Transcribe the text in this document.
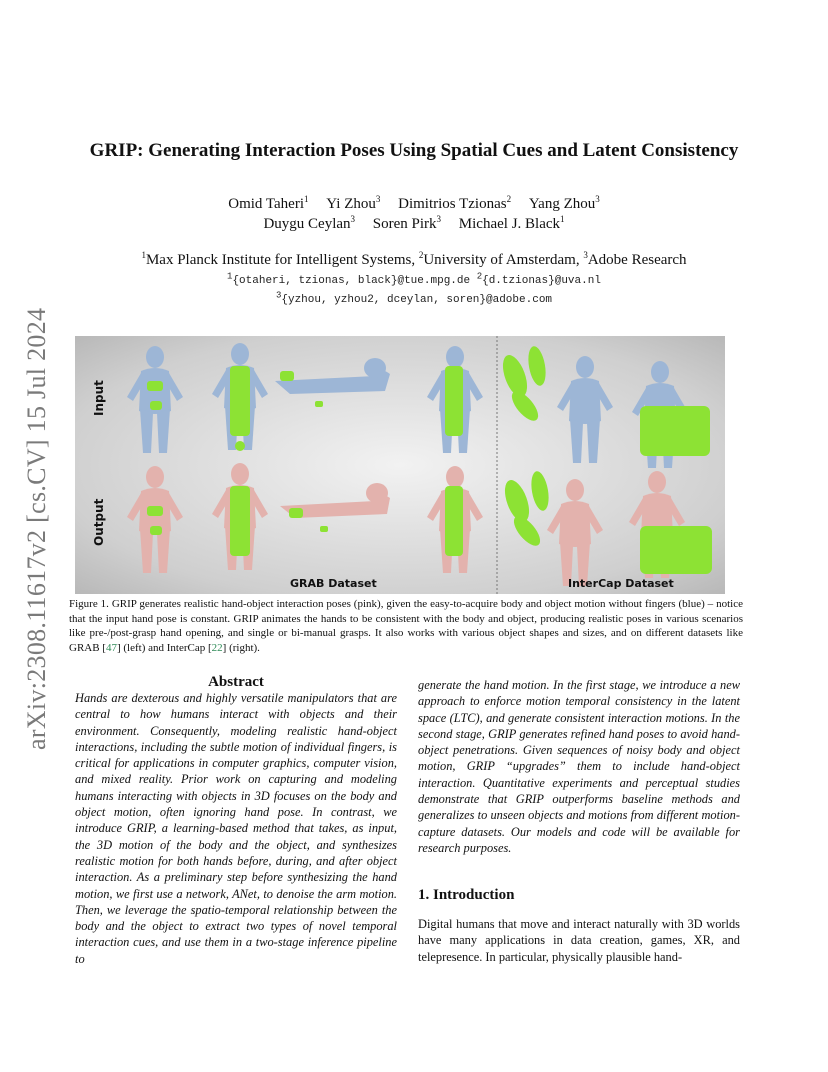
arXiv:2308.11617v2 [cs.CV] 15 Jul 2024
GRIP: Generating Interaction Poses Using Spatial Cues and Latent Consistency
Omid Taheri$^1$ Yi Zhou$^3$ Dimitrios Tzionas$^2$ Yang Zhou$^3$
Duygu Ceylan$^3$ Soren Pirk$^3$ Michael J. Black$^1$
$^1$Max Planck Institute for Intelligent Systems, $^2$University of Amsterdam, $^3$Adobe Research
$^1${otaheri, tzionas, black}@tue.mpg.de $^2${d.tzionas}@uva.nl
$^3${yzhou, yzhou2, dceylan, soren}@adobe.com
Input
Output
GRAB Dataset	InterCap Dataset
Figure 1. GRIP generates realistic hand-object interaction poses (pink), given the easy-to-acquire body and object motion without fingers (blue) – notice that the input hand pose is constant. GRIP animates the hands to be consistent with the body and object, producing realistic poses in various scenarios like pre-/post-grasp hand opening, and single or bi-manual grasps. It also works with various object shapes and sizes, and on different datasets like GRAB [47] (left) and InterCap [22] (right).
Abstract
Hands are dexterous and highly versatile manipulators that are central to how humans interact with objects and their environment. Consequently, modeling realistic hand-object interactions, including the subtle motion of individual fingers, is critical for applications in computer graphics, computer vision, and mixed reality. Prior work on capturing and modeling humans interacting with objects in 3D focuses on the body and object motion, often ignoring hand pose. In contrast, we introduce GRIP, a learning-based method that takes, as input, the 3D motion of the body and the object, and synthesizes realistic motion for both hands before, during, and after object interaction. As a preliminary step before synthesizing the hand motion, we first use a network, ANet, to denoise the arm motion. Then, we leverage the spatio-temporal relationship between the body and the object to extract two types of novel temporal interaction cues, and use them in a two-stage inference pipeline to
generate the hand motion. In the first stage, we introduce a new approach to enforce motion temporal consistency in the latent space (LTC), and generate consistent interaction motions. In the second stage, GRIP generates refined hand poses to avoid hand-object penetrations. Given sequences of noisy body and object motion, GRIP “upgrades” them to include hand-object interaction. Quantitative experiments and perceptual studies demonstrate that GRIP outperforms baseline methods and generalizes to unseen objects and motions from different motion-capture datasets. Our models and code will be available for research purposes.
1. Introduction
Digital humans that move and interact naturally with 3D worlds have many applications in data creation, games, XR, and telepresence. In particular, physically plausible hand-
